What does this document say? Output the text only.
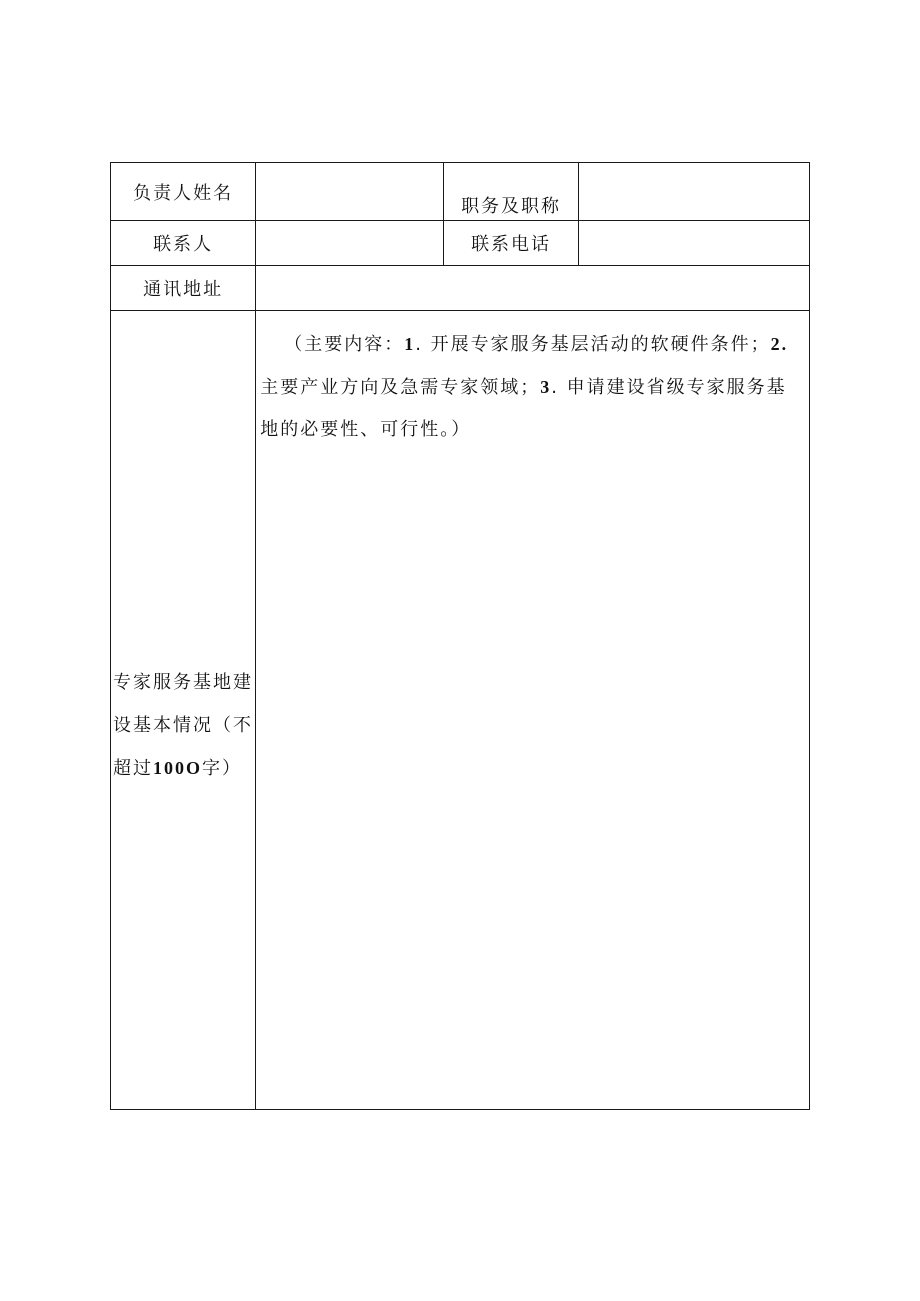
负责人姓名		职务及职称	
联系人		联系电话	
通讯地址			
专家服务基地建设基本情况（不超过100O字）	（主要内容：1. 开展专家服务基层活动的软硬件条件；2.主要产业方向及急需专家领域；3. 申请建设省级专家服务基地的必要性、可行性。）		
